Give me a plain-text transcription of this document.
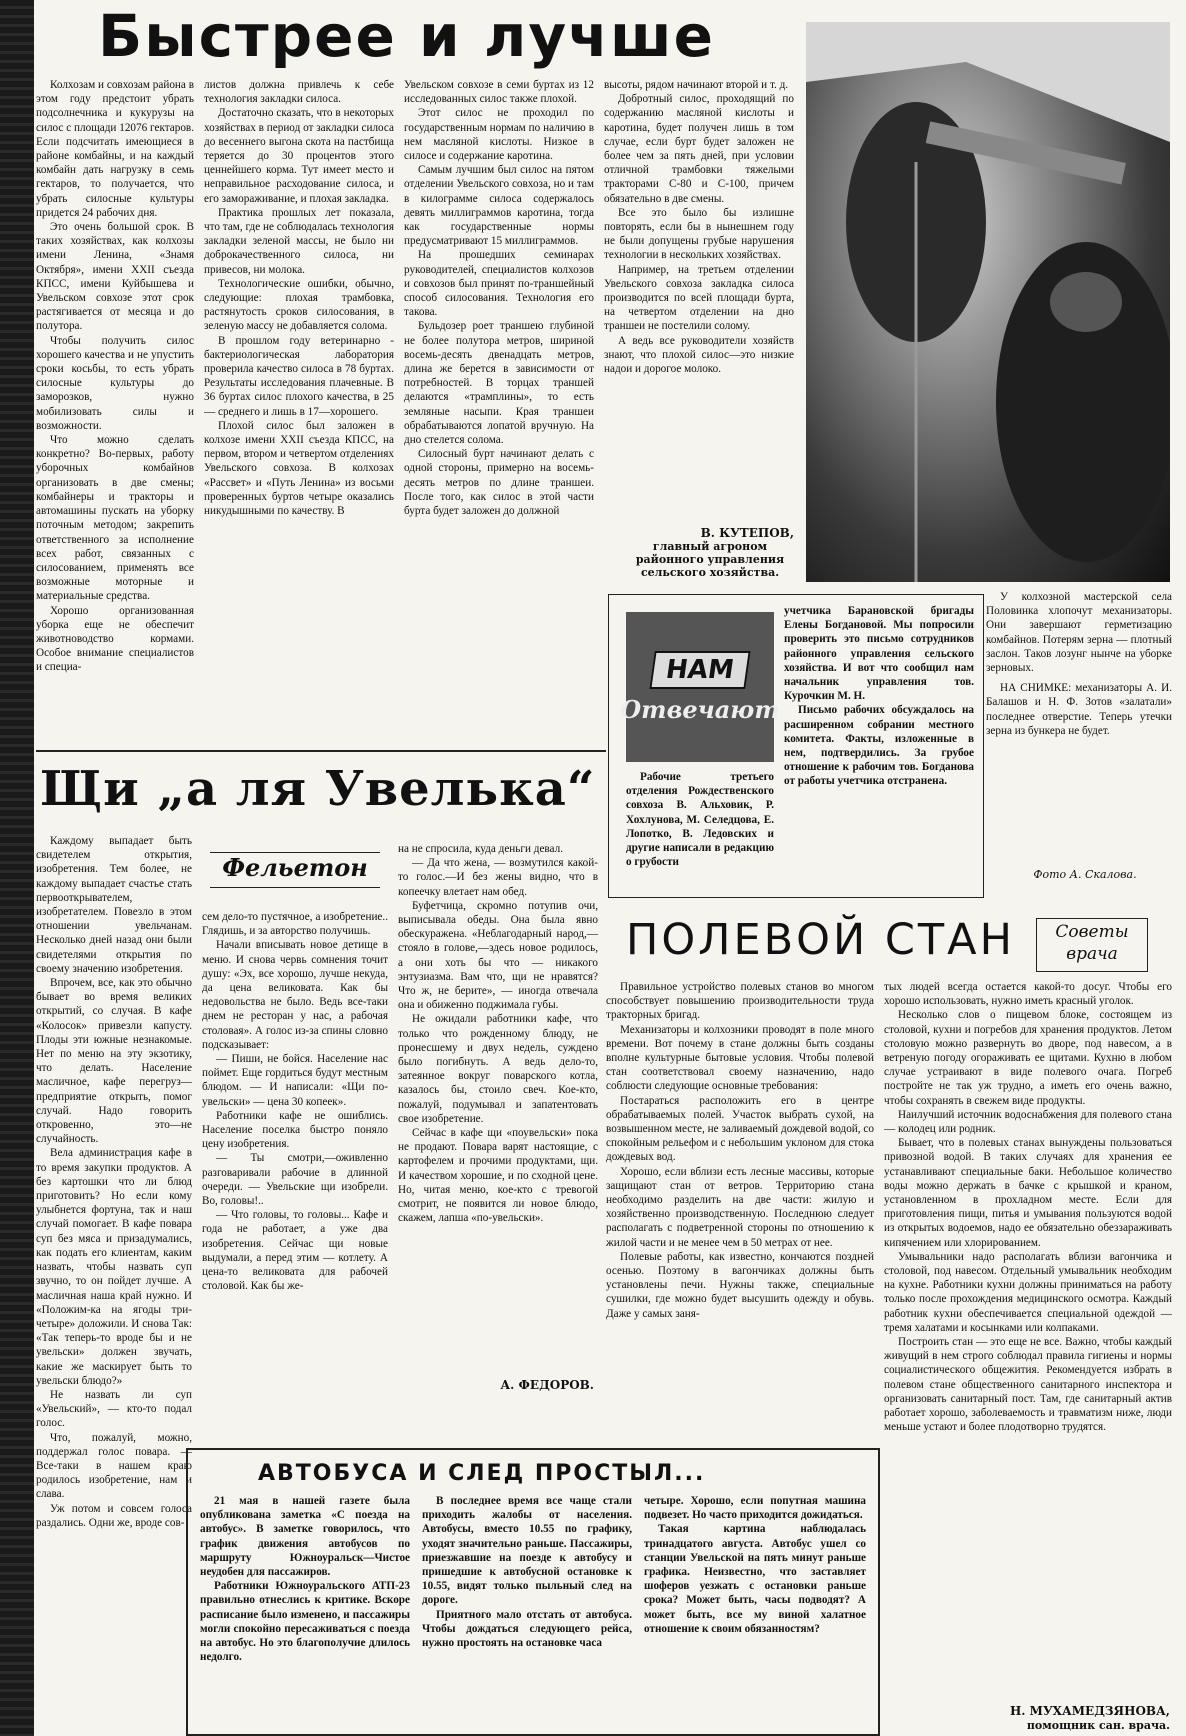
Быстрее и лучше

Колхозам и совхозам района в этом году предстоит убрать подсолнечника и кукурузы на силос с площади 12076 гектаров. Если подсчитать имеющиеся в районе комбайны, и на каждый комбайн дать нагрузку в семь гектаров, то получается, что убрать силосные культуры придется 24 рабочих дня.

Это очень большой срок. В таких хозяйствах, как колхозы имени Ленина, «Знамя Октября», имени XXII съезда КПСС, имени Куйбышева и Увельском совхозе этот срок растягивается от месяца и до полутора.

Чтобы получить силос хорошего качества и не упустить сроки косьбы, то есть убрать силосные культуры до заморозков, нужно мобилизовать силы и возможности.

Что можно сделать конкретно? Во-первых, работу уборочных комбайнов организовать в две смены; комбайнеры и тракторы и автомашины пускать на уборку поточным методом; закрепить ответственного за исполнение всех работ, связанных с силосованием, применять все возможные моторные и материальные средства.

Хорошо организованная уборка еще не обеспечит животноводство кормами. Особое внимание специалистов и специа-

листов должна привлечь к себе технология закладки силоса.

Достаточно сказать, что в некоторых хозяйствах в период от закладки силоса до весеннего выгона скота на пастбища теряется до 30 процентов этого ценнейшего корма. Тут имеет место и неправильное расходование силоса, и его замораживание, и плохая закладка.

Практика прошлых лет показала, что там, где не соблюдалась технология закладки зеленой массы, не было ни доброкачественного силоса, ни привесов, ни молока.

Технологические ошибки, обычно, следующие: плохая трамбовка, растянутость сроков силосования, в зеленую массу не добавляется солома.

В прошлом году ветеринарно - бактериологическая лаборатория проверила качество силоса в 78 буртах. Результаты исследования плачевные. В 36 буртах силос плохого качества, в 25 — среднего и лишь в 17—хорошего.

Плохой силос был заложен в колхозе имени XXII съезда КПСС, на первом, втором и четвертом отделениях Увельского совхоза. В колхозах «Рассвет» и «Путь Ленина» из восьми проверенных буртов четыре оказались никудышными по качеству. В

Увельском совхозе в семи буртах из 12 исследованных силос также плохой.

Этот силос не проходил по государственным нормам по наличию в нем масляной кислоты. Низкое в силосе и содержание каротина.

Самым лучшим был силос на пятом отделении Увельского совхоза, но и там в килограмме силоса содержалось девять миллиграммов каротина, тогда как государственные нормы предусматривают 15 миллиграммов.

На прошедших семинарах руководителей, специалистов колхозов и совхозов был принят по-траншейный способ силосования. Технология его такова.

Бульдозер роет траншею глубиной не более полутора метров, шириной восемь-десять двенадцать метров, длина же берется в зависимости от потребностей. В торцах траншей делаются «трамплины», то есть земляные насыпи. Края траншеи обрабатываются лопатой вручную. На дно стелется солома.

Силосный бурт начинают делать с одной стороны, примерно на восемь-десять метров по длине траншеи. После того, как силос в этой части бурта будет заложен до должной

высоты, рядом начинают второй и т. д.

Добротный силос, проходящий по содержанию масляной кислоты и каротина, будет получен лишь в том случае, если бурт будет заложен не более чем за пять дней, при условии отличной трамбовки тяжелыми тракторами С-80 и С-100, причем обязательно в две смены.

Все это было бы излишне повторять, если бы в нынешнем году не были допущены грубые нарушения технологии в нескольких хозяйствах.

Например, на третьем отделении Увельского совхоза закладка силоса производится по всей площади бурта, на четвертом отделении на дно траншеи не постелили солому.

А ведь все руководители хозяйств знают, что плохой силос—это низкие надои и дорогое молоко.

В. КУТЕПОВ,
главный агроном районного управления сельского хозяйства.

У колхозной мастерской села Половинка хлопочут механизаторы. Они завершают герметизацию комбайнов. Потерям зерна — плотный заслон. Таков лозунг нынче на уборке зерновых.

НА СНИМКЕ: механизаторы А. И. Балашов и Н. Ф. Зотов «залатали» последнее отверстие. Теперь утечки зерна из бункера не будет.

Фото А. Скалова.
НАМ
Отвечают

Рабочие третьего отделения Рождественского совхоза В. Альховик, Р. Хохлунова, М. Селедцова, Е. Лопотко, В. Ледовских и другие написали в редакцию о грубости

учетчика Барановской бригады Елены Богдановой. Мы попросили проверить это письмо сотрудников районного управления сельского хозяйства. И вот что сообщил нам начальник управления тов. Курочкин М. Н.

Письмо рабочих обсуждалось на расширенном собрании местного комитета. Факты, изложенные в нем, подтвердились. За грубое отношение к рабочим тов. Богданова от работы учетчика отстранена.

Щи „а ля Увелька“

Каждому выпадает быть свидетелем открытия, изобретения. Тем более, не каждому выпадает счастье стать первооткрывателем, изобретателем. Повезло в этом отношении увельчанам. Несколько дней назад они были свидетелями открытия по своему значению изобретения.

Впрочем, все, как это обычно бывает во время великих открытий, со случая. В кафе «Колосок» привезли капусту. Плоды эти южные незнакомые. Нет по меню на эту экзотику, что делать. Население масличное, кафе перегруз— предприятие открыть, помог случай. Надо говорить откровенно, это—не случайность.

Вела администрация кафе в то время закупки продуктов. А без картошки что ли блюд приготовить? Но если кому улыбнется фортуна, так и наш случай помогает. В кафе повара суп без мяса и призадумались, как подать его клиентам, каким назвать, чтобы назвать суп звучно, то он пойдет лучше. А масличная наша край нужно. И «Положим-ка на ягоды три-четыре» доложили. И снова Так: «Так теперь-то вроде бы и не увельски» должен звучать, какие же маскирует быть то увельски блюдо?»

Не назвать ли суп «Увельский», — кто-то подал голос.

Что, пожалуй, можно, поддержал голос повара. — Все-таки в нашем краю родилось изобретение, нам и слава.

Уж потом и совсем голоса раздались. Одни же, вроде сов-

Фельетон

сем дело-то пустячное, а изобретение.. Глядишь, и за авторство получишь.

Начали вписывать новое детище в меню. И снова червь сомнения точит душу: «Эх, все хорошо, лучше некуда, да цена великовата. Как бы недовольства не было. Ведь все-таки днем не ресторан у нас, а рабочая столовая». А голос из-за спины словно подсказывает:

— Пиши, не бойся. Население нас поймет. Еще гордиться будут местным блюдом. — И написали: «Щи по-увельски» — цена 30 копеек».

Работники кафе не ошиблись. Население поселка быстро поняло цену изобретения.

— Ты смотри,—оживленно разговаривали рабочие в длинной очереди. — Увельские щи изобрели. Во, головы!..

— Что головы, то головы... Кафе и года не работает, а уже два изобретения. Сейчас щи новые выдумали, а перед этим — котлету. А цена-то великовата для рабочей столовой. Как бы же-

на не спросила, куда деньги девал.

— Да что жена, — возмутился какой-то голос.—И без жены видно, что в копеечку влетает нам обед.

Буфетчица, скромно потупив очи, выписывала обеды. Она была явно обескуражена. «Неблагодарный народ,—стояло в голове,—здесь новое родилось, а они хоть бы что — никакого энтузиазма. Вам что, щи не нравятся? Что ж, не берите», — иногда отвечала она и обиженно поджимала губы.

Не ожидали работники кафе, что только что рожденному блюду, не пронесшему и двух недель, суждено было погибнуть. А ведь дело-то, затеянное вокруг поварского котла, казалось бы, стоило свеч. Кое-кто, пожалуй, подумывал и запатентовать свое изобретение.

Сейчас в кафе щи «поувельски» пока не продают. Повара варят настоящие, с картофелем и прочими продуктами, щи. И качеством хорошие, и по сходной цене. Но, читая меню, кое-кто с тревогой смотрит, не появится ли новое блюдо, скажем, лапша «по-увельски».

А. ФЕДОРОВ.
ПОЛЕВОЙ СТАН	Советы врача

Правильное устройство полевых станов во многом способствует повышению производительности труда тракторных бригад.

Механизаторы и колхозники проводят в поле много времени. Вот почему в стане должны быть созданы вполне культурные бытовые условия. Чтобы полевой стан соответствовал своему назначению, надо соблюсти следующие основные требования:

Постараться расположить его в центре обрабатываемых полей. Участок выбрать сухой, на возвышенном месте, не заливаемый дождевой водой, со спокойным рельефом и с небольшим уклоном для стока дождевых вод.

Хорошо, если вблизи есть лесные массивы, которые защищают стан от ветров. Территорию стана необходимо разделить на две части: жилую и хозяйственно производственную. Последнюю следует располагать с подветренной стороны по отношению к жилой части и не менее чем в 50 метрах от нее.

Полевые работы, как известно, кончаются поздней осенью. Поэтому в вагончиках должны быть установлены печи. Нужны также, специальные сушилки, где можно будет высушить одежду и обувь. Даже у самых заня-

тых людей всегда остается какой-то досуг. Чтобы его хорошо использовать, нужно иметь красный уголок.

Несколько слов о пищевом блоке, состоящем из столовой, кухни и погребов для хранения продуктов. Летом столовую можно развернуть во дворе, под навесом, а в ветреную погоду огораживать ее щитами. Кухню в любом случае устраивают в виде полевого очага. Погреб постройте не так уж трудно, а иметь его очень важно, чтобы сохранять в свежем виде продукты.

Наилучший источник водоснабжения для полевого стана — колодец или родник.

Бывает, что в полевых станах вынуждены пользоваться привозной водой. В таких случаях для хранения ее устанавливают специальные баки. Небольшое количество воды можно держать в бачке с крышкой и краном, установленном в прохладном месте. Если для приготовления пищи, питья и умывания пользуются водой из открытых водоемов, надо ее обязательно обеззараживать кипячением или хлорированием.

Умывальники надо располагать вблизи вагончика и столовой, под навесом. Отдельный умывальник необходим на кухне. Работники кухни должны приниматься на работу только после прохождения медицинского осмотра. Каждый работник кухни обеспечивается специальной одеждой — тремя халатами и косынками или колпаками.

Построить стан — это еще не все. Важно, чтобы каждый живущий в нем строго соблюдал правила гигиены и нормы социалистического общежития. Рекомендуется избрать в полевом стане общественного санитарного инспектора и организовать санитарный пост. Там, где санитарный актив работает хорошо, заболеваемость и травматизм ниже, люди меньше устают и более плодотворно трудятся.

Н. МУХАМЕДЗЯНОВА,
помощник сан. врача.
АВТОБУСА И СЛЕД ПРОСТЫЛ...

21 мая в нашей газете была опубликована заметка «С поезда на автобус». В заметке говорилось, что график движения автобусов по маршруту Южноуральск—Чистое неудобен для пассажиров.

Работники Южноуральского АТП-23 правильно отнеслись к критике. Вскоре расписание было изменено, и пассажиры могли спокойно пересаживаться с поезда на автобус. Но это благополучие длилось недолго.

В последнее время все чаще стали приходить жалобы от населения. Автобусы, вместо 10.55 по графику, уходят значительно раньше. Пассажиры, приезжавшие на поезде к автобусу и пришедшие к автобусной остановке к 10.55, видят только пыльный след на дороге.

Приятного мало отстать от автобуса. Чтобы дождаться следующего рейса, нужно простоять на остановке часа

четыре. Хорошо, если попутная машина подвезет. Но часто приходится дожидаться.

Такая картина наблюдалась тринадцатого августа. Автобус ушел со станции Увельской на пять минут раньше графика. Неизвестно, что заставляет шоферов уезжать с остановки раньше срока? Может быть, часы подводят? А может быть, все му виной халатное отношение к своим обязанностям?
